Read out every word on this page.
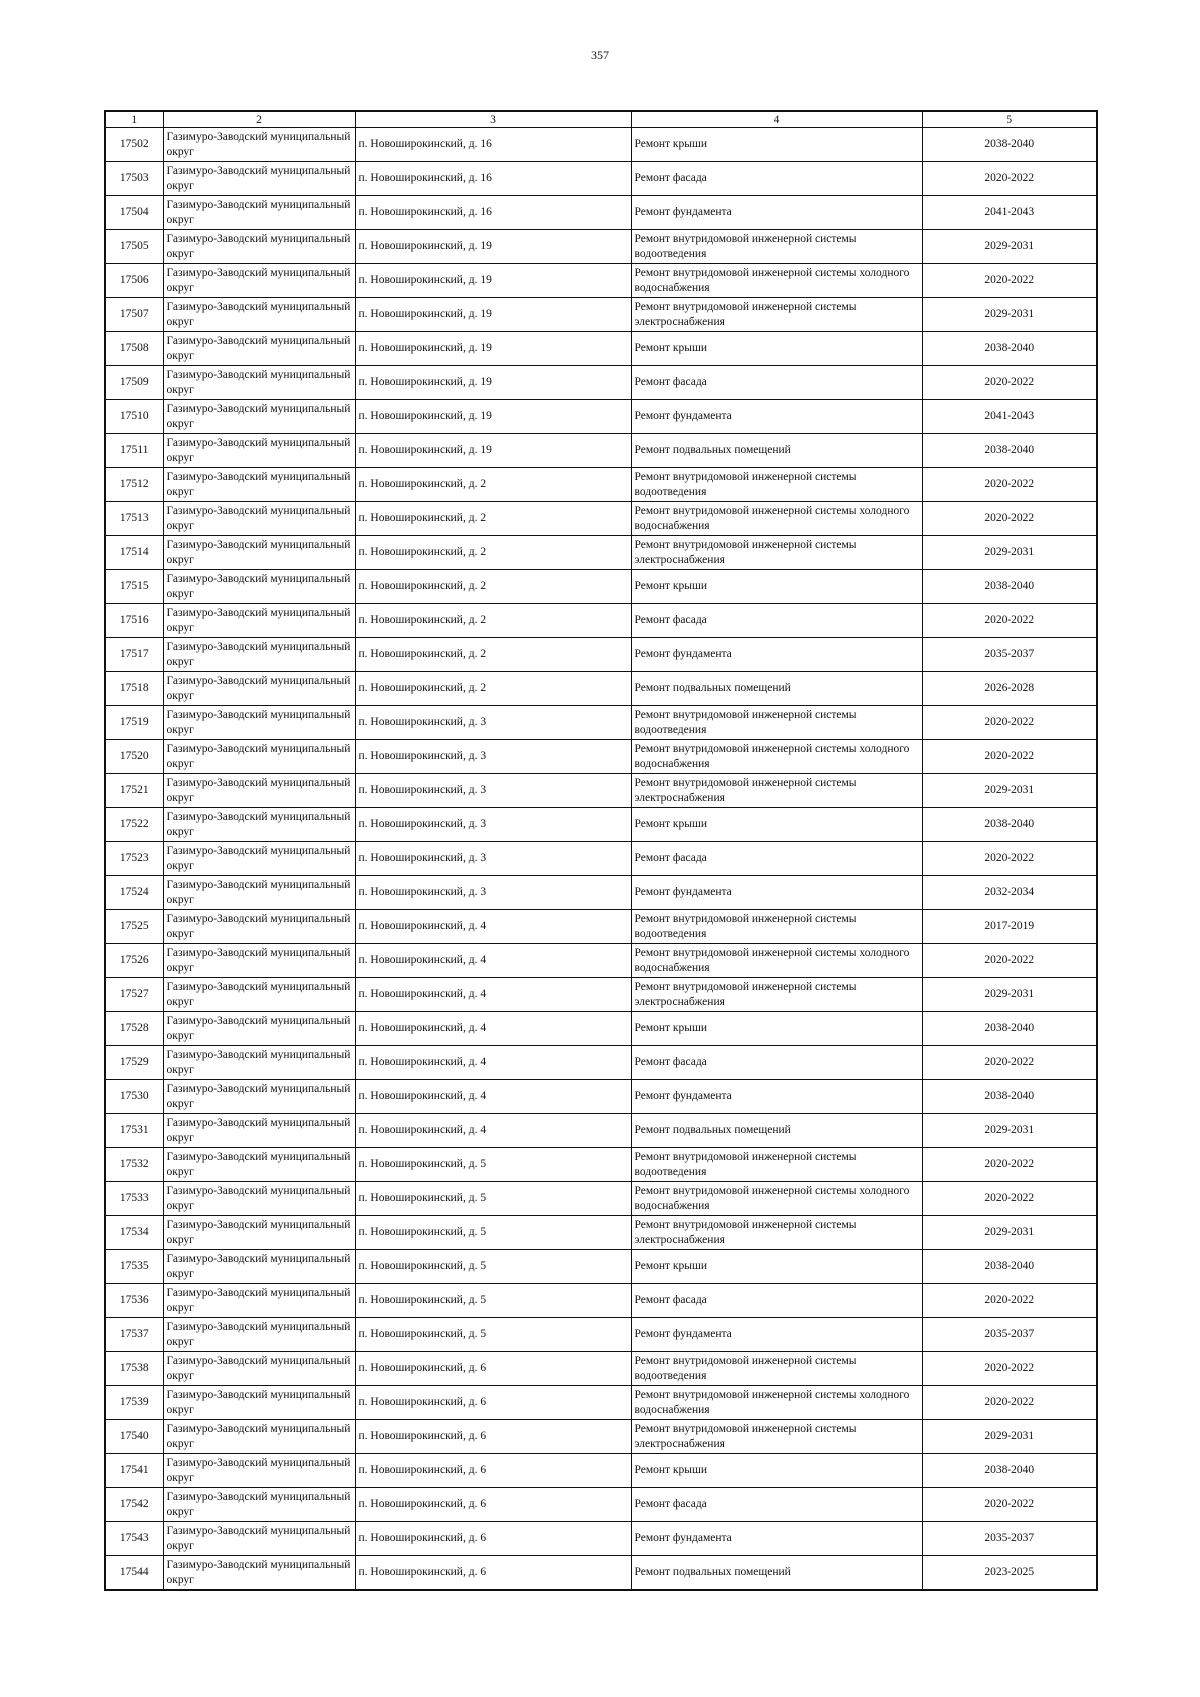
357
1	2	3	4	5
17502	Газимуро-Заводский муниципальный округ	п. Новоширокинский, д. 16	Ремонт крыши	2038-2040
17503	Газимуро-Заводский муниципальный округ	п. Новоширокинский, д. 16	Ремонт фасада	2020-2022
17504	Газимуро-Заводский муниципальный округ	п. Новоширокинский, д. 16	Ремонт фундамента	2041-2043
17505	Газимуро-Заводский муниципальный округ	п. Новоширокинский, д. 19	Ремонт внутридомовой инженерной системы водоотведения	2029-2031
17506	Газимуро-Заводский муниципальный округ	п. Новоширокинский, д. 19	Ремонт внутридомовой инженерной системы холодного водоснабжения	2020-2022
17507	Газимуро-Заводский муниципальный округ	п. Новоширокинский, д. 19	Ремонт внутридомовой инженерной системы электроснабжения	2029-2031
17508	Газимуро-Заводский муниципальный округ	п. Новоширокинский, д. 19	Ремонт крыши	2038-2040
17509	Газимуро-Заводский муниципальный округ	п. Новоширокинский, д. 19	Ремонт фасада	2020-2022
17510	Газимуро-Заводский муниципальный округ	п. Новоширокинский, д. 19	Ремонт фундамента	2041-2043
17511	Газимуро-Заводский муниципальный округ	п. Новоширокинский, д. 19	Ремонт подвальных помещений	2038-2040
17512	Газимуро-Заводский муниципальный округ	п. Новоширокинский, д. 2	Ремонт внутридомовой инженерной системы водоотведения	2020-2022
17513	Газимуро-Заводский муниципальный округ	п. Новоширокинский, д. 2	Ремонт внутридомовой инженерной системы холодного водоснабжения	2020-2022
17514	Газимуро-Заводский муниципальный округ	п. Новоширокинский, д. 2	Ремонт внутридомовой инженерной системы электроснабжения	2029-2031
17515	Газимуро-Заводский муниципальный округ	п. Новоширокинский, д. 2	Ремонт крыши	2038-2040
17516	Газимуро-Заводский муниципальный округ	п. Новоширокинский, д. 2	Ремонт фасада	2020-2022
17517	Газимуро-Заводский муниципальный округ	п. Новоширокинский, д. 2	Ремонт фундамента	2035-2037
17518	Газимуро-Заводский муниципальный округ	п. Новоширокинский, д. 2	Ремонт подвальных помещений	2026-2028
17519	Газимуро-Заводский муниципальный округ	п. Новоширокинский, д. 3	Ремонт внутридомовой инженерной системы водоотведения	2020-2022
17520	Газимуро-Заводский муниципальный округ	п. Новоширокинский, д. 3	Ремонт внутридомовой инженерной системы холодного водоснабжения	2020-2022
17521	Газимуро-Заводский муниципальный округ	п. Новоширокинский, д. 3	Ремонт внутридомовой инженерной системы электроснабжения	2029-2031
17522	Газимуро-Заводский муниципальный округ	п. Новоширокинский, д. 3	Ремонт крыши	2038-2040
17523	Газимуро-Заводский муниципальный округ	п. Новоширокинский, д. 3	Ремонт фасада	2020-2022
17524	Газимуро-Заводский муниципальный округ	п. Новоширокинский, д. 3	Ремонт фундамента	2032-2034
17525	Газимуро-Заводский муниципальный округ	п. Новоширокинский, д. 4	Ремонт внутридомовой инженерной системы водоотведения	2017-2019
17526	Газимуро-Заводский муниципальный округ	п. Новоширокинский, д. 4	Ремонт внутридомовой инженерной системы холодного водоснабжения	2020-2022
17527	Газимуро-Заводский муниципальный округ	п. Новоширокинский, д. 4	Ремонт внутридомовой инженерной системы электроснабжения	2029-2031
17528	Газимуро-Заводский муниципальный округ	п. Новоширокинский, д. 4	Ремонт крыши	2038-2040
17529	Газимуро-Заводский муниципальный округ	п. Новоширокинский, д. 4	Ремонт фасада	2020-2022
17530	Газимуро-Заводский муниципальный округ	п. Новоширокинский, д. 4	Ремонт фундамента	2038-2040
17531	Газимуро-Заводский муниципальный округ	п. Новоширокинский, д. 4	Ремонт подвальных помещений	2029-2031
17532	Газимуро-Заводский муниципальный округ	п. Новоширокинский, д. 5	Ремонт внутридомовой инженерной системы водоотведения	2020-2022
17533	Газимуро-Заводский муниципальный округ	п. Новоширокинский, д. 5	Ремонт внутридомовой инженерной системы холодного водоснабжения	2020-2022
17534	Газимуро-Заводский муниципальный округ	п. Новоширокинский, д. 5	Ремонт внутридомовой инженерной системы электроснабжения	2029-2031
17535	Газимуро-Заводский муниципальный округ	п. Новоширокинский, д. 5	Ремонт крыши	2038-2040
17536	Газимуро-Заводский муниципальный округ	п. Новоширокинский, д. 5	Ремонт фасада	2020-2022
17537	Газимуро-Заводский муниципальный округ	п. Новоширокинский, д. 5	Ремонт фундамента	2035-2037
17538	Газимуро-Заводский муниципальный округ	п. Новоширокинский, д. 6	Ремонт внутридомовой инженерной системы водоотведения	2020-2022
17539	Газимуро-Заводский муниципальный округ	п. Новоширокинский, д. 6	Ремонт внутридомовой инженерной системы холодного водоснабжения	2020-2022
17540	Газимуро-Заводский муниципальный округ	п. Новоширокинский, д. 6	Ремонт внутридомовой инженерной системы электроснабжения	2029-2031
17541	Газимуро-Заводский муниципальный округ	п. Новоширокинский, д. 6	Ремонт крыши	2038-2040
17542	Газимуро-Заводский муниципальный округ	п. Новоширокинский, д. 6	Ремонт фасада	2020-2022
17543	Газимуро-Заводский муниципальный округ	п. Новоширокинский, д. 6	Ремонт фундамента	2035-2037
17544	Газимуро-Заводский муниципальный округ	п. Новоширокинский, д. 6	Ремонт подвальных помещений	2023-2025
